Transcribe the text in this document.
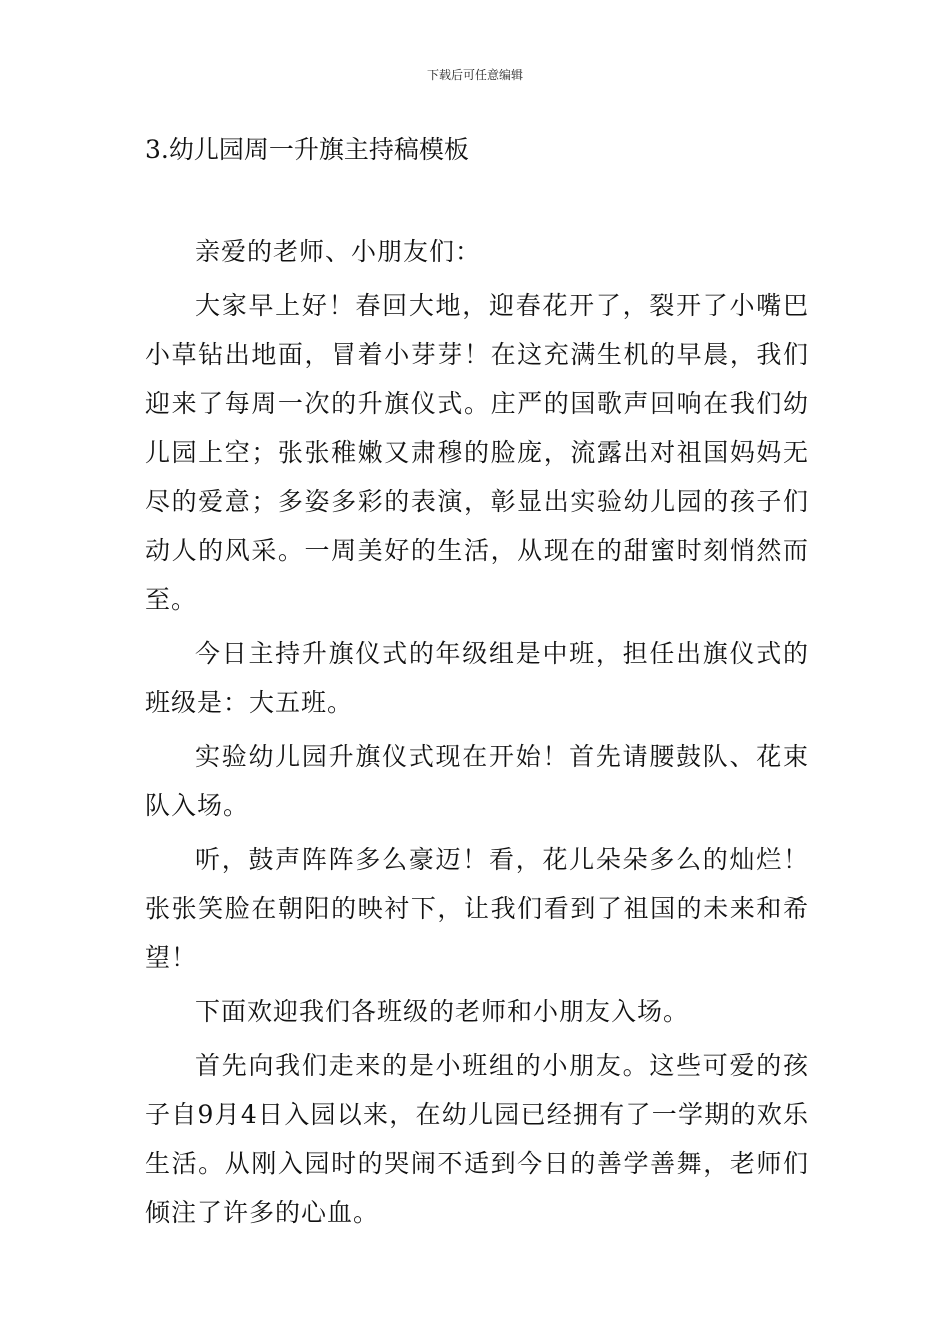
下载后可任意编辑
3.幼儿园周一升旗主持稿模板

亲爱的老师、小朋友们：

大家早上好！春回大地，迎春花开了，裂开了小嘴巴小草钻出地面，冒着小芽芽！在这充满生机的早晨，我们迎来了每周一次的升旗仪式。庄严的国歌声回响在我们幼儿园上空；张张稚嫩又肃穆的脸庞，流露出对祖国妈妈无尽的爱意；多姿多彩的表演，彰显出实验幼儿园的孩子们动人的风采。一周美好的生活，从现在的甜蜜时刻悄然而至。

今日主持升旗仪式的年级组是中班，担任出旗仪式的班级是：大五班。

实验幼儿园升旗仪式现在开始！首先请腰鼓队、花束队入场。

听，鼓声阵阵多么豪迈！看，花儿朵朵多么的灿烂！张张笑脸在朝阳的映衬下，让我们看到了祖国的未来和希望！

下面欢迎我们各班级的老师和小朋友入场。

首先向我们走来的是小班组的小朋友。这些可爱的孩子自9月4日入园以来，在幼儿园已经拥有了一学期的欢乐生活。从刚入园时的哭闹不适到今日的善学善舞，老师们倾注了许多的心血。
